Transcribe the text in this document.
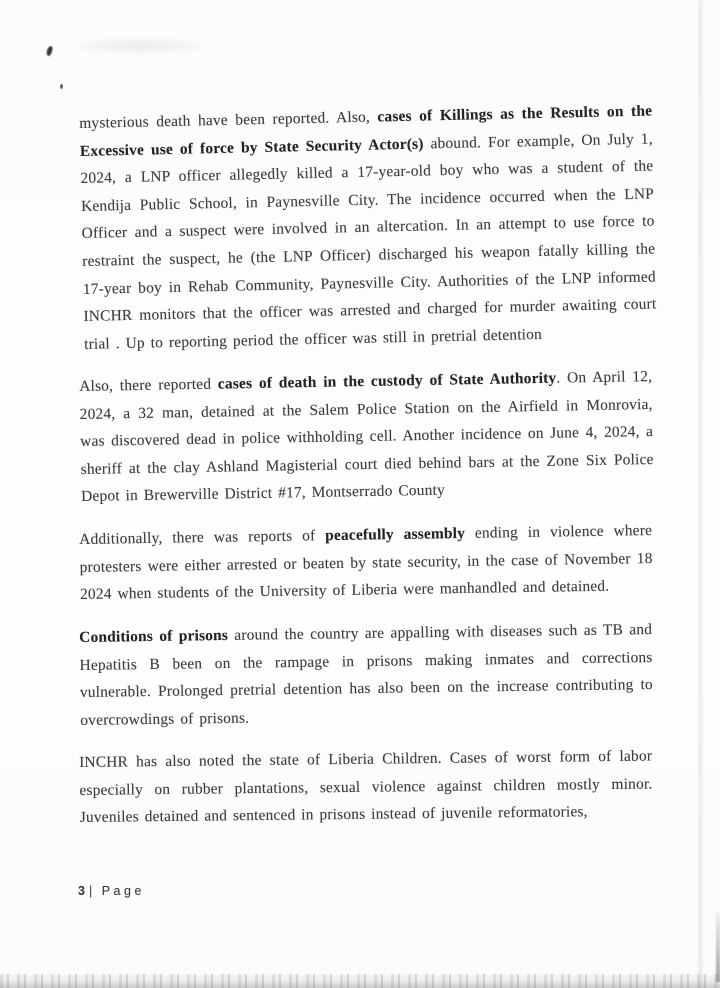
mysterious death have been reported. Also, cases of Killings as the Results on the Excessive use of force by State Security Actor(s) abound. For example, On July 1, 2024, a LNP officer allegedly killed a 17-year-old boy who was a student of the Kendija Public School, in Paynesville City. The incidence occurred when the LNP Officer and a suspect were involved in an altercation. In an attempt to use force to restraint the suspect, he (the LNP Officer) discharged his weapon fatally killing the 17-year boy in Rehab Community, Paynesville City. Authorities of the LNP informed INCHR monitors that the officer was arrested and charged for murder awaiting court trial . Up to reporting period the officer was still in pretrial detention

Also, there reported cases of death in the custody of State Authority. On April 12, 2024, a 32 man, detained at the Salem Police Station on the Airfield in Monrovia, was discovered dead in police withholding cell. Another incidence on June 4, 2024, a sheriff at the clay Ashland Magisterial court died behind bars at the Zone Six Police Depot in Brewerville District #17, Montserrado County

Additionally, there was reports of peacefully assembly ending in violence where protesters were either arrested or beaten by state security, in the case of November 18 2024 when students of the University of Liberia were manhandled and detained.

Conditions of prisons around the country are appalling with diseases such as TB and Hepatitis B been on the rampage in prisons making inmates and corrections vulnerable. Prolonged pretrial detention has also been on the increase contributing to overcrowdings of prisons.

INCHR has also noted the state of Liberia Children. Cases of worst form of labor especially on rubber plantations, sexual violence against children mostly minor. Juveniles detained and sentenced in prisons instead of juvenile reformatories,

3 | Page
